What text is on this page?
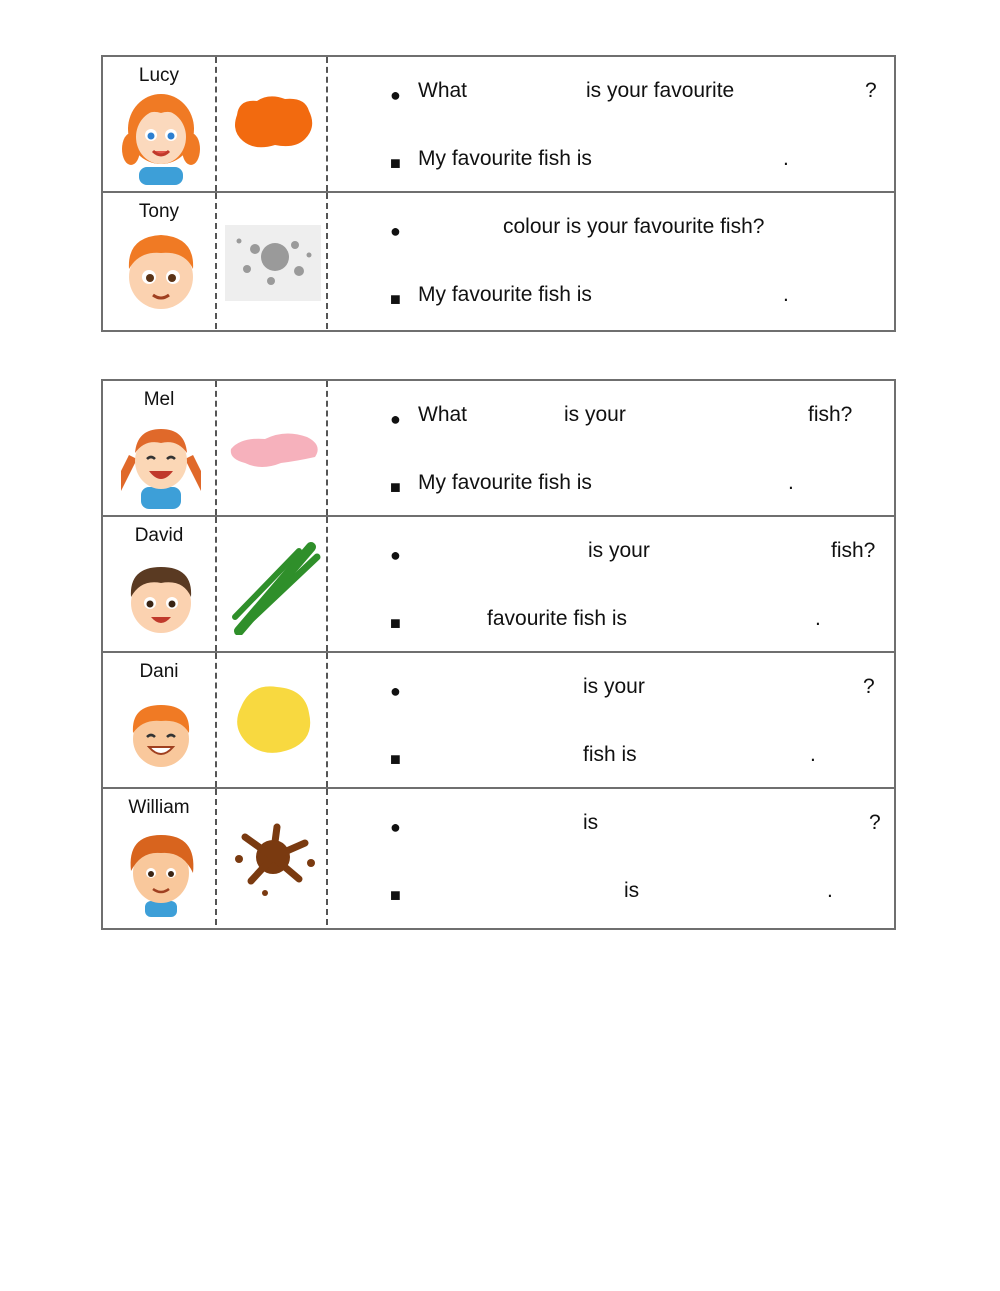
Lucy
● What	is your favourite	?
■ My favourite fish is	.
Tony
●	colour is your favourite fish?
■ My favourite fish is	.
Mel
● What	is your	fish?
■ My favourite fish is	.
David
●	is your	fish?
■	favourite fish is	.
Dani
●	is your	?
■	fish is	.
William
●	is	?
■	is	.
